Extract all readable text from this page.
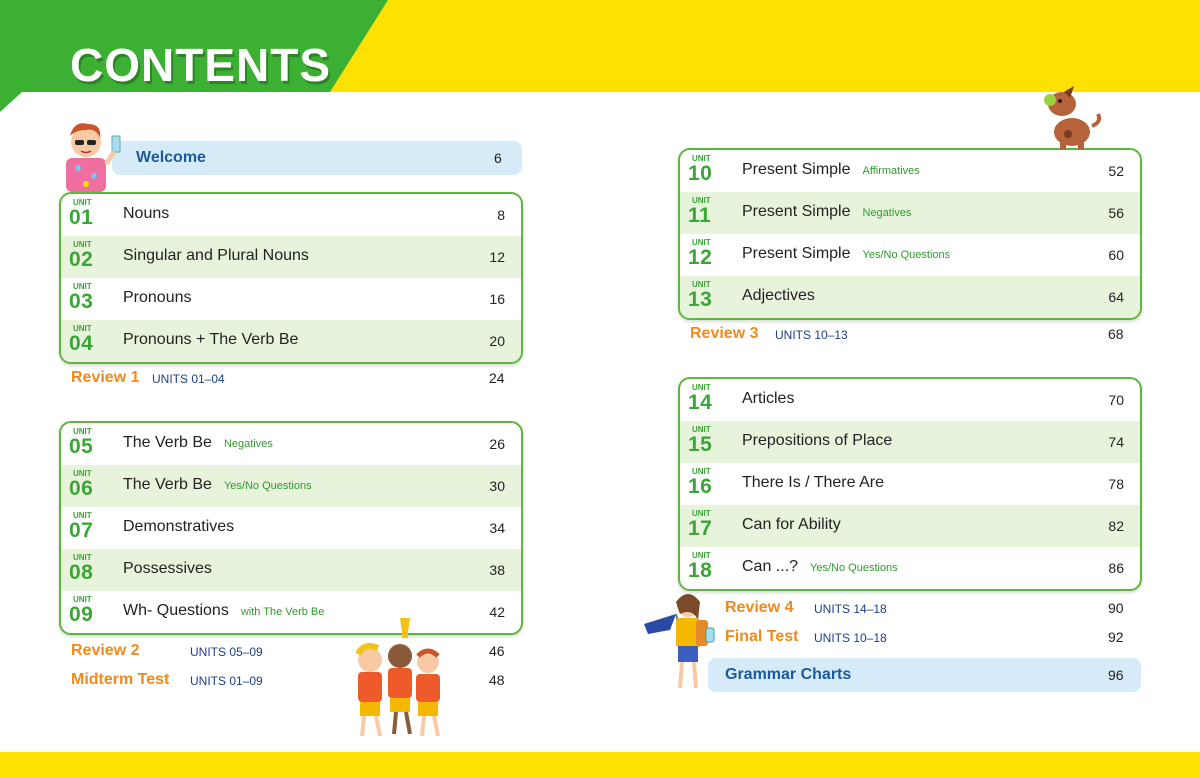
CONTENTS
Welcome	6
UNIT
01 Nouns	8
UNIT
02 Singular and Plural Nouns	12
UNIT
03 Pronouns	16
UNIT
04 Pronouns + The Verb Be	20
UNIT
05 The Verb Be Negatives	26
UNIT
06 The Verb Be Yes/No Questions	30
UNIT
07 Demonstratives	34
UNIT
08 Possessives	38
UNIT
09 Wh- Questions with The Verb Be	42
UNIT
10 Present Simple Affirmatives	52
UNIT
11 Present Simple Negatives	56
UNIT
12 Present Simple Yes/No Questions	60
UNIT
13 Adjectives	64
UNIT
14 Articles	70
UNIT
15 Prepositions of Place	74
UNIT
16 There Is / There Are	78
UNIT
17 Can for Ability	82
UNIT
18 Can ...? Yes/No Questions	86
Review 1 UNITS 01–04	24
Review 2	UNITS 05–09	46
Midterm Test UNITS 01–09	48
Review 3 UNITS 10–13	68
Review 4 UNITS 14–18	90
Final Test UNITS 10–18	92
Grammar Charts	96
